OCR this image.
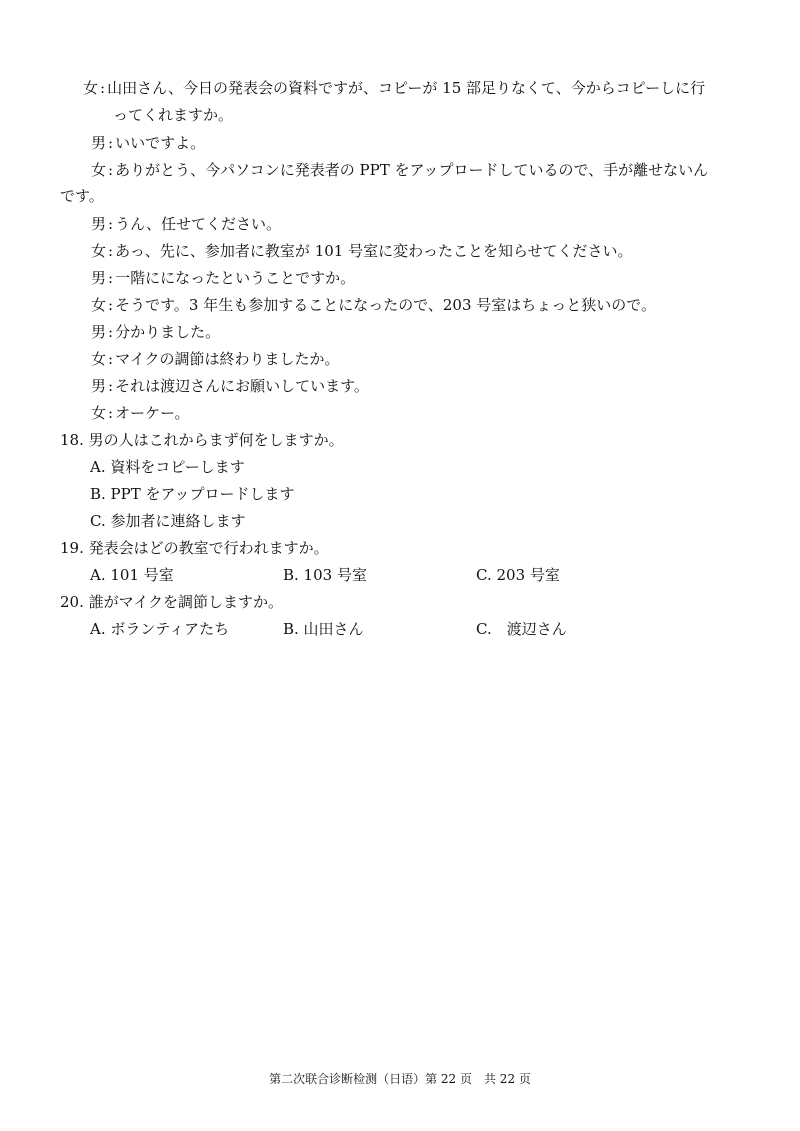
女 : 山田さん、今日の発表会の資料ですが、コピーが 15 部足りなくて、今からコピーしに行
ってくれますか。
男 : いいですよ。
女 : ありがとう、今パソコンに発表者の PPT をアップロードしているので、手が離せないん
です。
男 : うん、任せてください。
女 : あっ、先に、参加者に教室が 101 号室に変わったことを知らせてください。
男 : 一階にになったということですか。
女 : そうです。3 年生も参加することになったので、203 号室はちょっと狭いので。
男 : 分かりました。
女 : マイクの調節は終わりましたか。
男 : それは渡辺さんにお願いしています。
女 : オーケー。
18. 男の人はこれからまず何をしますか。
A. 資料をコピーします
B. PPT をアップロードします
C. 参加者に連絡します
19. 発表会はどの教室で行われますか。
A. 101 号室	B. 103 号室	C. 203 号室
20. 誰がマイクを調節しますか。
A. ボランティアたち	B. 山田さん	C.　渡辺さん
第二次联合诊断检测（日语）第 22 页　共 22 页
